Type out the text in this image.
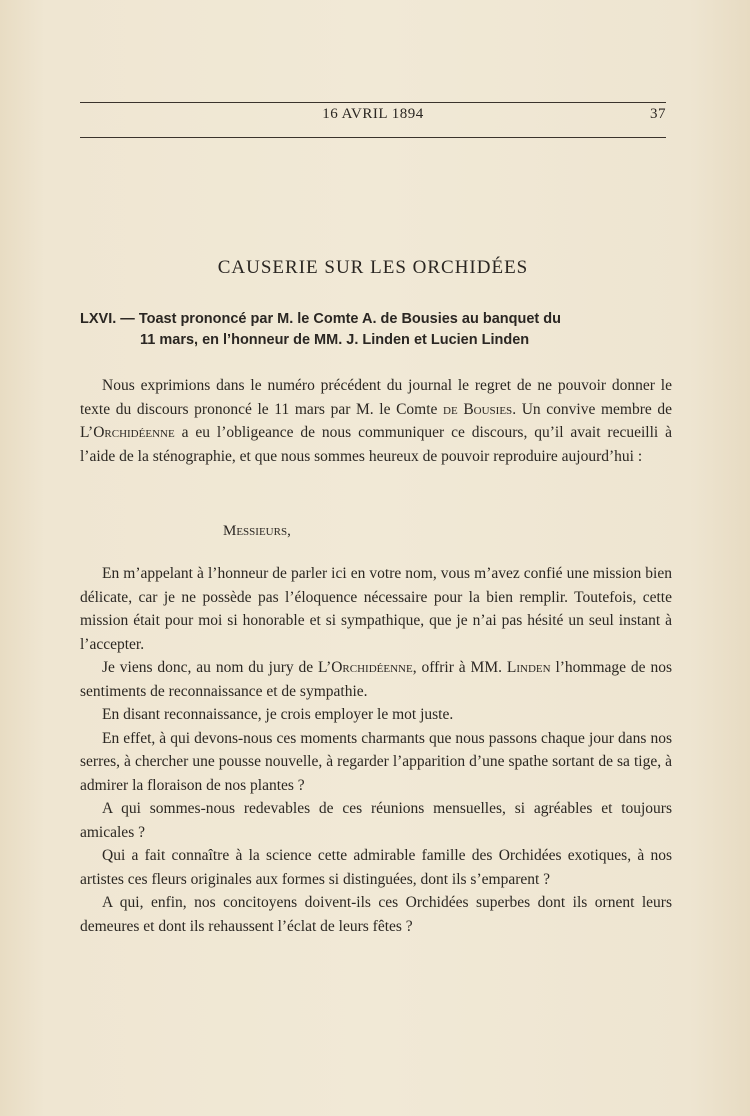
16 AVRIL 1894	37
CAUSERIE SUR LES ORCHIDÉES
LXVI. — Toast prononcé par M. le Comte A. de Bousies au banquet du
11 mars, en l’honneur de MM. J. Linden et Lucien Linden

Nous exprimions dans le numéro précédent du journal le regret de ne pouvoir donner le texte du discours prononcé le 11 mars par M. le Comte de Bousies. Un convive membre de L’Orchidéenne a eu l’obligeance de nous communiquer ce discours, qu’il avait recueilli à l’aide de la sténographie, et que nous sommes heureux de pouvoir reproduire aujourd’hui :

Messieurs,

En m’appelant à l’honneur de parler ici en votre nom, vous m’avez confié une mission bien délicate, car je ne possède pas l’éloquence nécessaire pour la bien remplir. Toutefois, cette mission était pour moi si honorable et si sympathique, que je n’ai pas hésité un seul instant à l’accepter.

Je viens donc, au nom du jury de L’Orchidéenne, offrir à MM. Linden l’hommage de nos sentiments de reconnaissance et de sympathie.

En disant reconnaissance, je crois employer le mot juste.

En effet, à qui devons-nous ces moments charmants que nous passons chaque jour dans nos serres, à chercher une pousse nouvelle, à regarder l’apparition d’une spathe sortant de sa tige, à admirer la floraison de nos plantes ?

A qui sommes-nous redevables de ces réunions mensuelles, si agréables et toujours amicales ?

Qui a fait connaître à la science cette admirable famille des Orchidées exotiques, à nos artistes ces fleurs originales aux formes si distinguées, dont ils s’emparent ?

A qui, enfin, nos concitoyens doivent-ils ces Orchidées superbes dont ils ornent leurs demeures et dont ils rehaussent l’éclat de leurs fêtes ?
